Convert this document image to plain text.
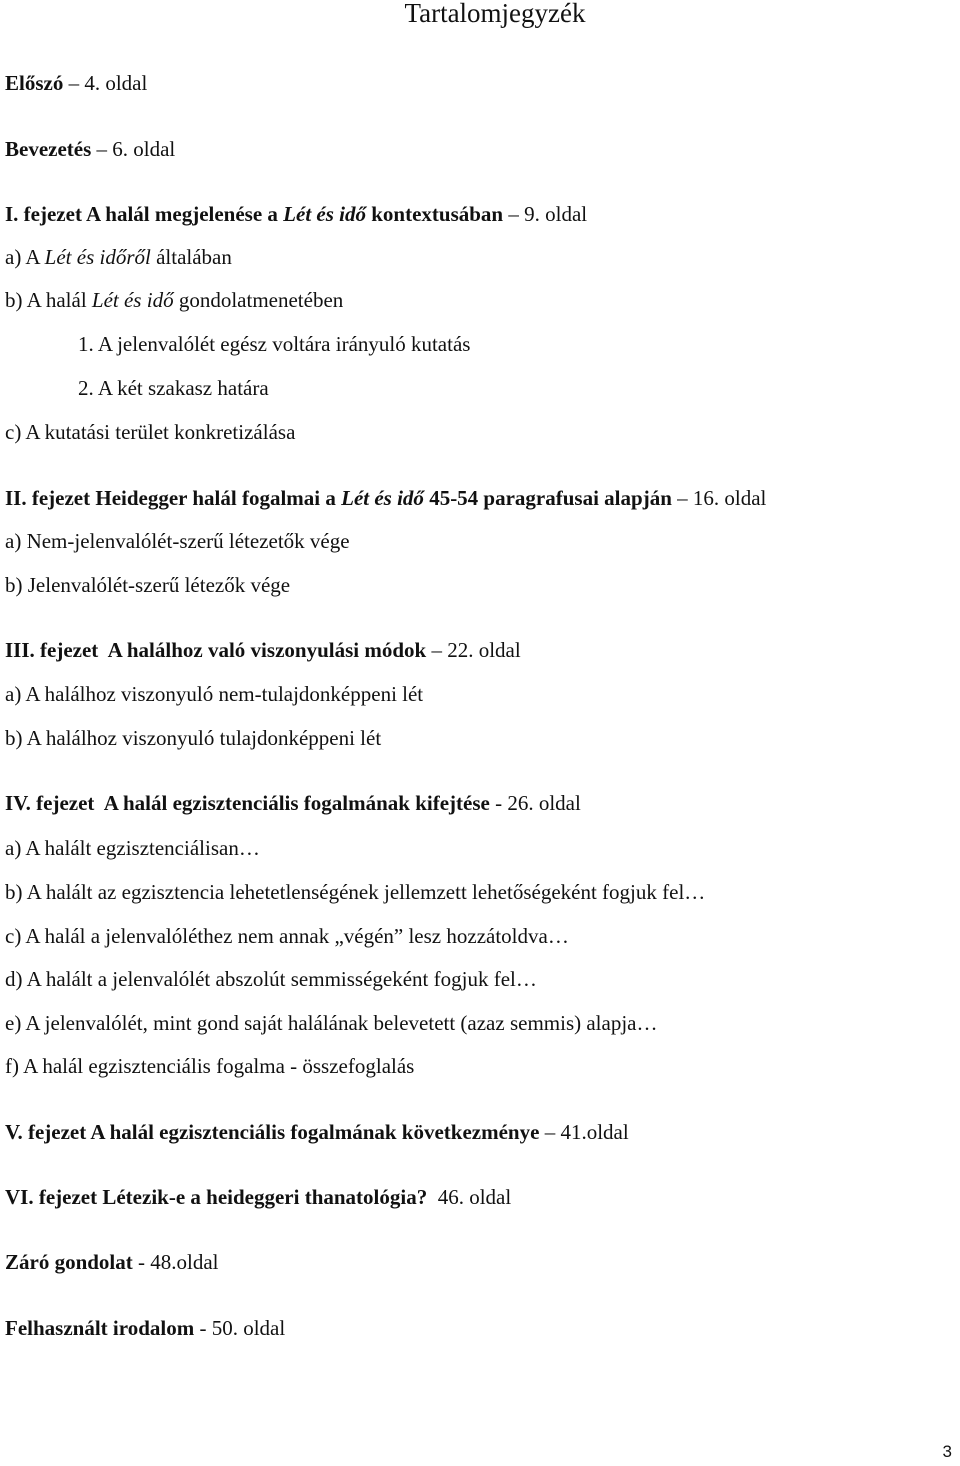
Tartalomjegyzék
Előszó – 4. oldal
Bevezetés – 6. oldal
I. fejezet A halál megjelenése a Lét és idő kontextusában – 9. oldal
a) A Lét és időről általában
b) A halál Lét és idő gondolatmenetében
1. A jelenvalólét egész voltára irányuló kutatás
2. A két szakasz határa
c) A kutatási terület konkretizálása
II. fejezet Heidegger halál fogalmai a Lét és idő 45-54 paragrafusai alapján – 16. oldal
a) Nem-jelenvalólét-szerű létezetők vége
b) Jelenvalólét-szerű létezők vége
III. fejezet  A halálhoz való viszonyulási módok – 22. oldal
a) A halálhoz viszonyuló nem-tulajdonképpeni lét
b) A halálhoz viszonyuló tulajdonképpeni lét
IV. fejezet  A halál egzisztenciális fogalmának kifejtése - 26. oldal
a) A halált egzisztenciálisan…
b) A halált az egzisztencia lehetetlenségének jellemzett lehetőségeként fogjuk fel…
c) A halál a jelenvalóléthez nem annak „végén” lesz hozzátoldva…
d) A halált a jelenvalólét abszolút semmisségeként fogjuk fel…
e) A jelenvalólét, mint gond saját halálának belevetett (azaz semmis) alapja…
f) A halál egzisztenciális fogalma - összefoglalás
V. fejezet A halál egzisztenciális fogalmának következménye – 41.oldal
VI. fejezet Létezik-e a heideggeri thanatológia? 46. oldal
Záró gondolat - 48.oldal
Felhasznált irodalom - 50. oldal
3
